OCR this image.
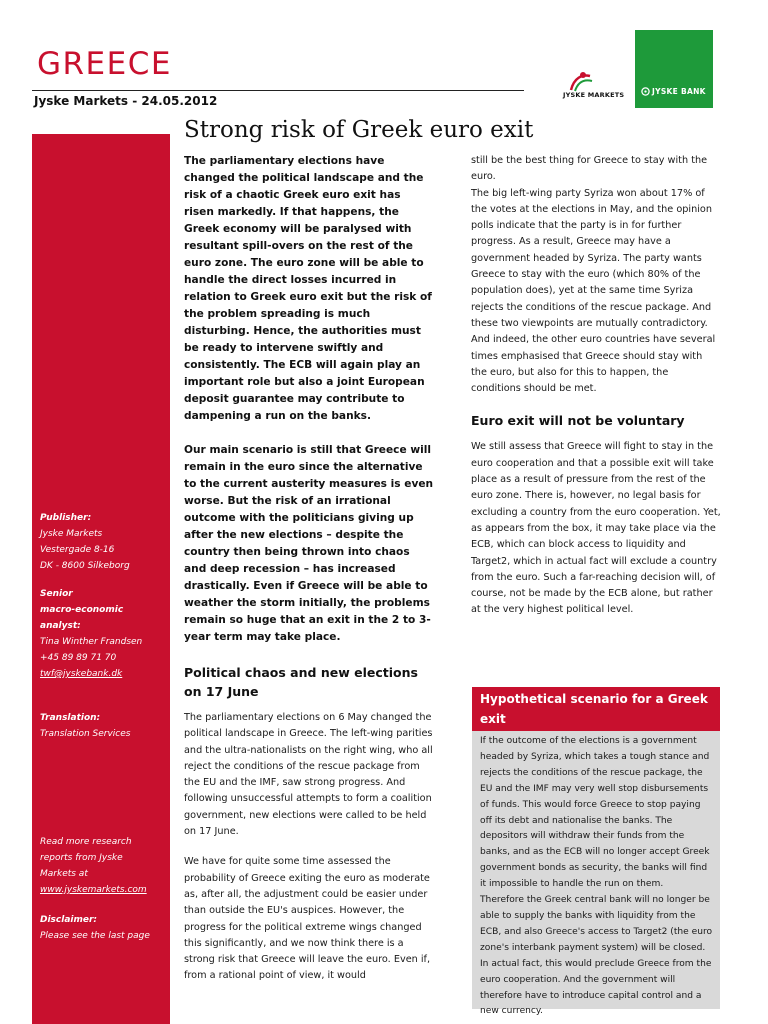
GREECE
Jyske Markets - 24.05.2012	JYSKE MARKETS	JYSKE BANK
Publisher:
Jyske Markets
Vestergade 8-16
DK - 8600 Silkeborg
Senior
macro-economic
analyst:
Tina Winther Frandsen
+45 89 89 71 70
twf@jyskebank.dk
Translation:
Translation Services
Read more research
reports from Jyske
Markets at
www.jyskemarkets.com
Disclaimer:
Please see the last page
Strong risk of Greek euro exit

The parliamentary elections have changed the political landscape and the risk of a chaotic Greek euro exit has risen markedly. If that happens, the Greek economy will be paralysed with resultant spill-overs on the rest of the euro zone. The euro zone will be able to handle the direct losses incurred in relation to Greek euro exit but the risk of the problem spreading is much disturbing. Hence, the authorities must be ready to intervene swiftly and consistently. The ECB will again play an important role but also a joint European deposit guarantee may contribute to dampening a run on the banks.

Our main scenario is still that Greece will remain in the euro since the alternative to the current austerity measures is even worse. But the risk of an irrational outcome with the politicians giving up after the new elections – despite the country then being thrown into chaos and deep recession – has increased drastically. Even if Greece will be able to weather the storm initially, the problems remain so huge that an exit in the 2 to 3-year term may take place.

Political chaos and new elections on 17 June

The parliamentary elections on 6 May changed the political landscape in Greece. The left-wing parities and the ultra-nationalists on the right wing, who all reject the conditions of the rescue package from the EU and the IMF, saw strong progress. And following unsuccessful attempts to form a coalition government, new elections were called to be held on 17 June.

We have for quite some time assessed the probability of Greece exiting the euro as moderate as, after all, the adjustment could be easier under than outside the EU's auspices. However, the progress for the political extreme wings changed this significantly, and we now think there is a strong risk that Greece will leave the euro. Even if, from a rational point of view, it would

still be the best thing for Greece to stay with the euro.

The big left-wing party Syriza won about 17% of the votes at the elections in May, and the opinion polls indicate that the party is in for further progress. As a result, Greece may have a government headed by Syriza. The party wants Greece to stay with the euro (which 80% of the population does), yet at the same time Syriza rejects the conditions of the rescue package. And these two viewpoints are mutually contradictory. And indeed, the other euro countries have several times emphasised that Greece should stay with the euro, but also for this to happen, the conditions should be met.

Euro exit will not be voluntary

We still assess that Greece will fight to stay in the euro cooperation and that a possible exit will take place as a result of pressure from the rest of the euro zone. There is, however, no legal basis for excluding a country from the euro cooperation. Yet, as appears from the box, it may take place via the ECB, which can block access to liquidity and Target2, which in actual fact will exclude a country from the euro. Such a far-reaching decision will, of course, not be made by the ECB alone, but rather at the very highest political level.

Hypothetical scenario for a Greek exit
If the outcome of the elections is a government headed by Syriza, which takes a tough stance and rejects the conditions of the rescue package, the EU and the IMF may very well stop disbursements of funds. This would force Greece to stop paying off its debt and nationalise the banks. The depositors will withdraw their funds from the banks, and as the ECB will no longer accept Greek government bonds as security, the banks will find it impossible to handle the run on them.
Therefore the Greek central bank will no longer be able to supply the banks with liquidity from the ECB, and also Greece's access to Target2 (the euro zone's interbank payment system) will be closed. In actual fact, this would preclude Greece from the euro cooperation. And the government will therefore have to introduce capital control and a new currency.
